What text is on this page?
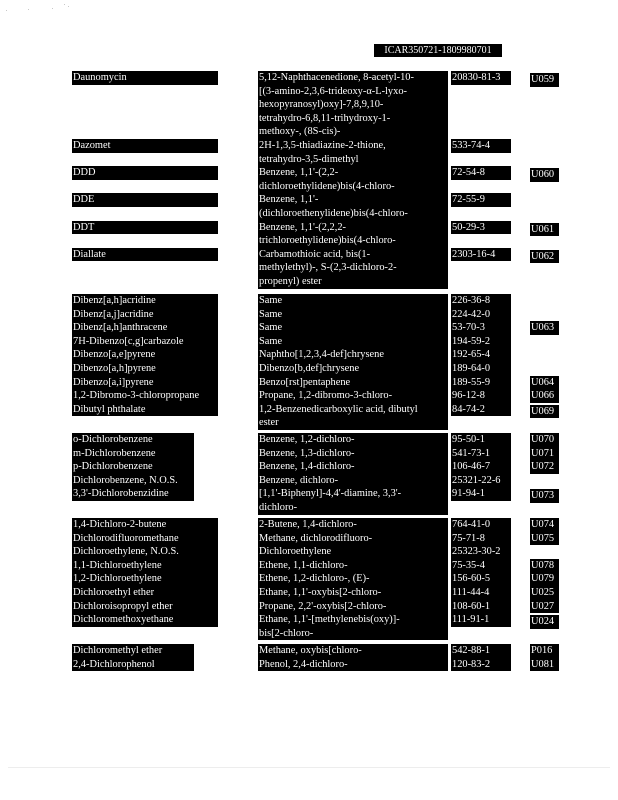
ICAR350721-1809980701
Daunomycin	5,12-Naphthacenedione, 8-acetyl-10-
[(3-amino-2,3,6-trideoxy-α-L-lyxo-
hexopyranosyl)oxy]-7,8,9,10-
tetrahydro-6,8,11-trihydroxy-1-
methoxy-, (8S-cis)-
20830-81-3	U059
Dazomet	2H-1,3,5-thiadiazine-2-thione,
tetrahydro-3,5-dimethyl
533-74-4
DDD	Benzene, 1,1'-(2,2-
dichloroethylidene)bis(4-chloro-
72-54-8	U060
DDE	Benzene, 1,1'-
(dichloroethenylidene)bis(4-chloro-
72-55-9
DDT	Benzene, 1,1'-(2,2,2-
trichloroethylidene)bis(4-chloro-
50-29-3	U061
Diallate	Carbamothioic acid, bis(1-
methylethyl)-, S-(2,3-dichloro-2-
propenyl) ester
2303-16-4	U062
Dibenz[a,h]acridine	Same	226-36-8
Dibenz[a,j]acridine	Same	224-42-0
Dibenz[a,h]anthracene	Same	53-70-3	U063
7H-Dibenzo[c,g]carbazole	Same	194-59-2
Dibenzo[a,e]pyrene	Naphtho[1,2,3,4-def]chrysene	192-65-4
Dibenzo[a,h]pyrene	Dibenzo[b,def]chrysene	189-64-0
Dibenzo[a,i]pyrene	Benzo[rst]pentaphene	189-55-9	U064
1,2-Dibromo-3-chloropropane	Propane, 1,2-dibromo-3-chloro-	96-12-8	U066
Dibutyl phthalate	1,2-Benzenedicarboxylic acid, dibutyl
ester
84-74-2	U069
o-Dichlorobenzene	Benzene, 1,2-dichloro-	95-50-1	U070
m-Dichlorobenzene	Benzene, 1,3-dichloro-	541-73-1	U071
p-Dichlorobenzene	Benzene, 1,4-dichloro-	106-46-7	U072
Dichlorobenzene, N.O.S.	Benzene, dichloro-	25321-22-6
3,3'-Dichlorobenzidine	[1,1'-Biphenyl]-4,4'-diamine, 3,3'-
dichloro-
91-94-1	U073
1,4-Dichloro-2-butene	2-Butene, 1,4-dichloro-	764-41-0	U074
Dichlorodifluoromethane	Methane, dichlorodifluoro-	75-71-8	U075
Dichloroethylene, N.O.S.	Dichloroethylene	25323-30-2
1,1-Dichloroethylene	Ethene, 1,1-dichloro-	75-35-4	U078
1,2-Dichloroethylene	Ethene, 1,2-dichloro-, (E)-	156-60-5	U079
Dichloroethyl ether	Ethane, 1,1'-oxybis[2-chloro-	111-44-4	U025
Dichloroisopropyl ether	Propane, 2,2'-oxybis[2-chloro-	108-60-1	U027
Dichloromethoxyethane	Ethane, 1,1'-[methylenebis(oxy)]-
bis[2-chloro-
111-91-1	U024
Dichloromethyl ether	Methane, oxybis[chloro-	542-88-1	P016
2,4-Dichlorophenol	Phenol, 2,4-dichloro-	120-83-2	U081
